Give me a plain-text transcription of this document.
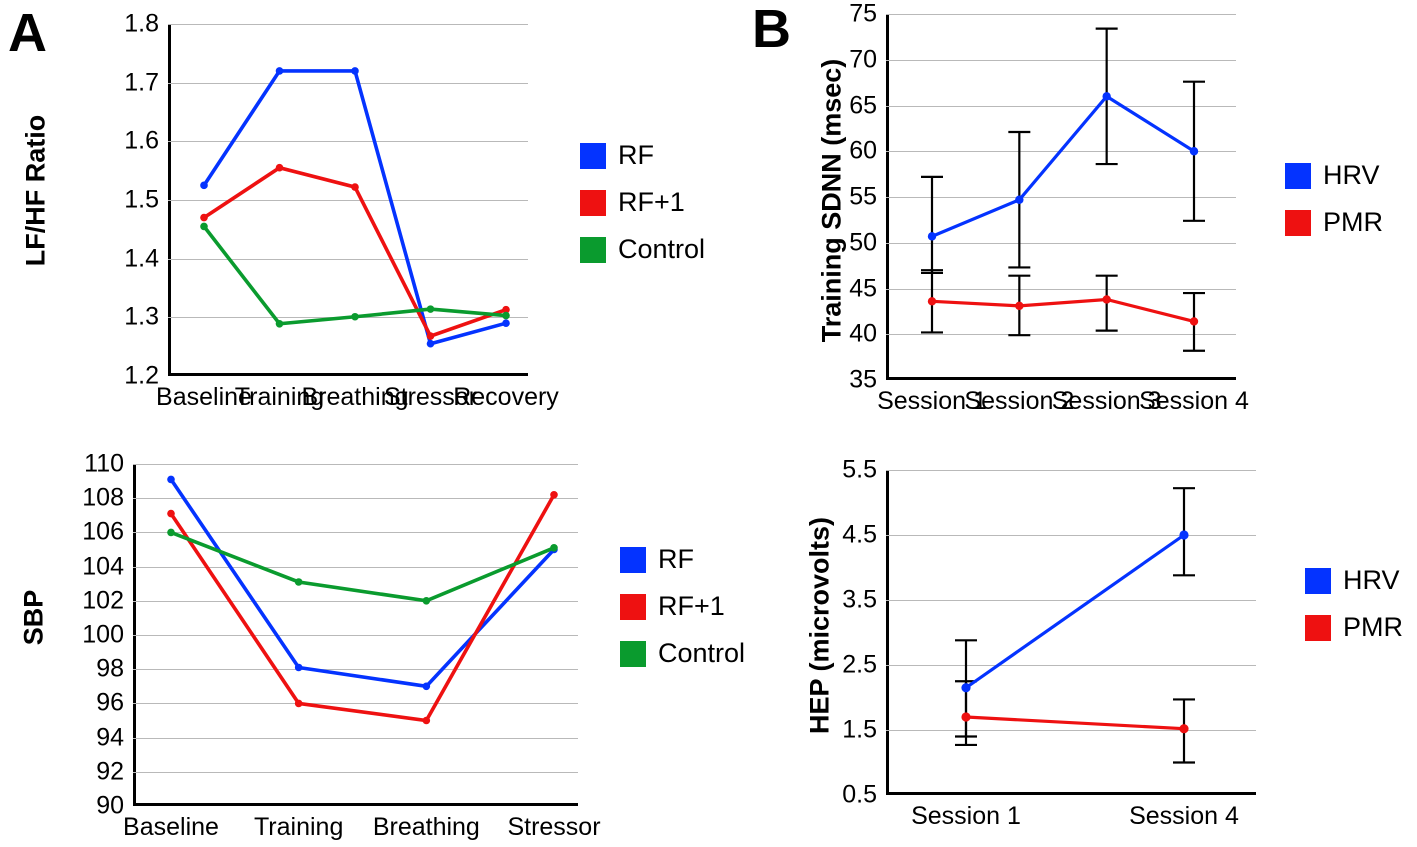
A	B
LF/HF Ratio
1.2
1.3
1.4
1.5
1.6
1.7
1.8
Baseline
Training
Breathing
Stressor
Recovery
RF
RF+1
Control
SBP
90
92
94
96
98
100
102
104
106
108
110
Baseline Training Breathing Stressor
RF
RF+1
Control
Training SDNN (msec)
35
40
45
50
55
60
65
70
75
Session 1
Session 2
Session 3
Session 4
HRV
PMR
HEP (microvolts)
0.5
1.5
2.5
3.5
4.5
5.5
Session 1	Session 4
HRV
PMR
